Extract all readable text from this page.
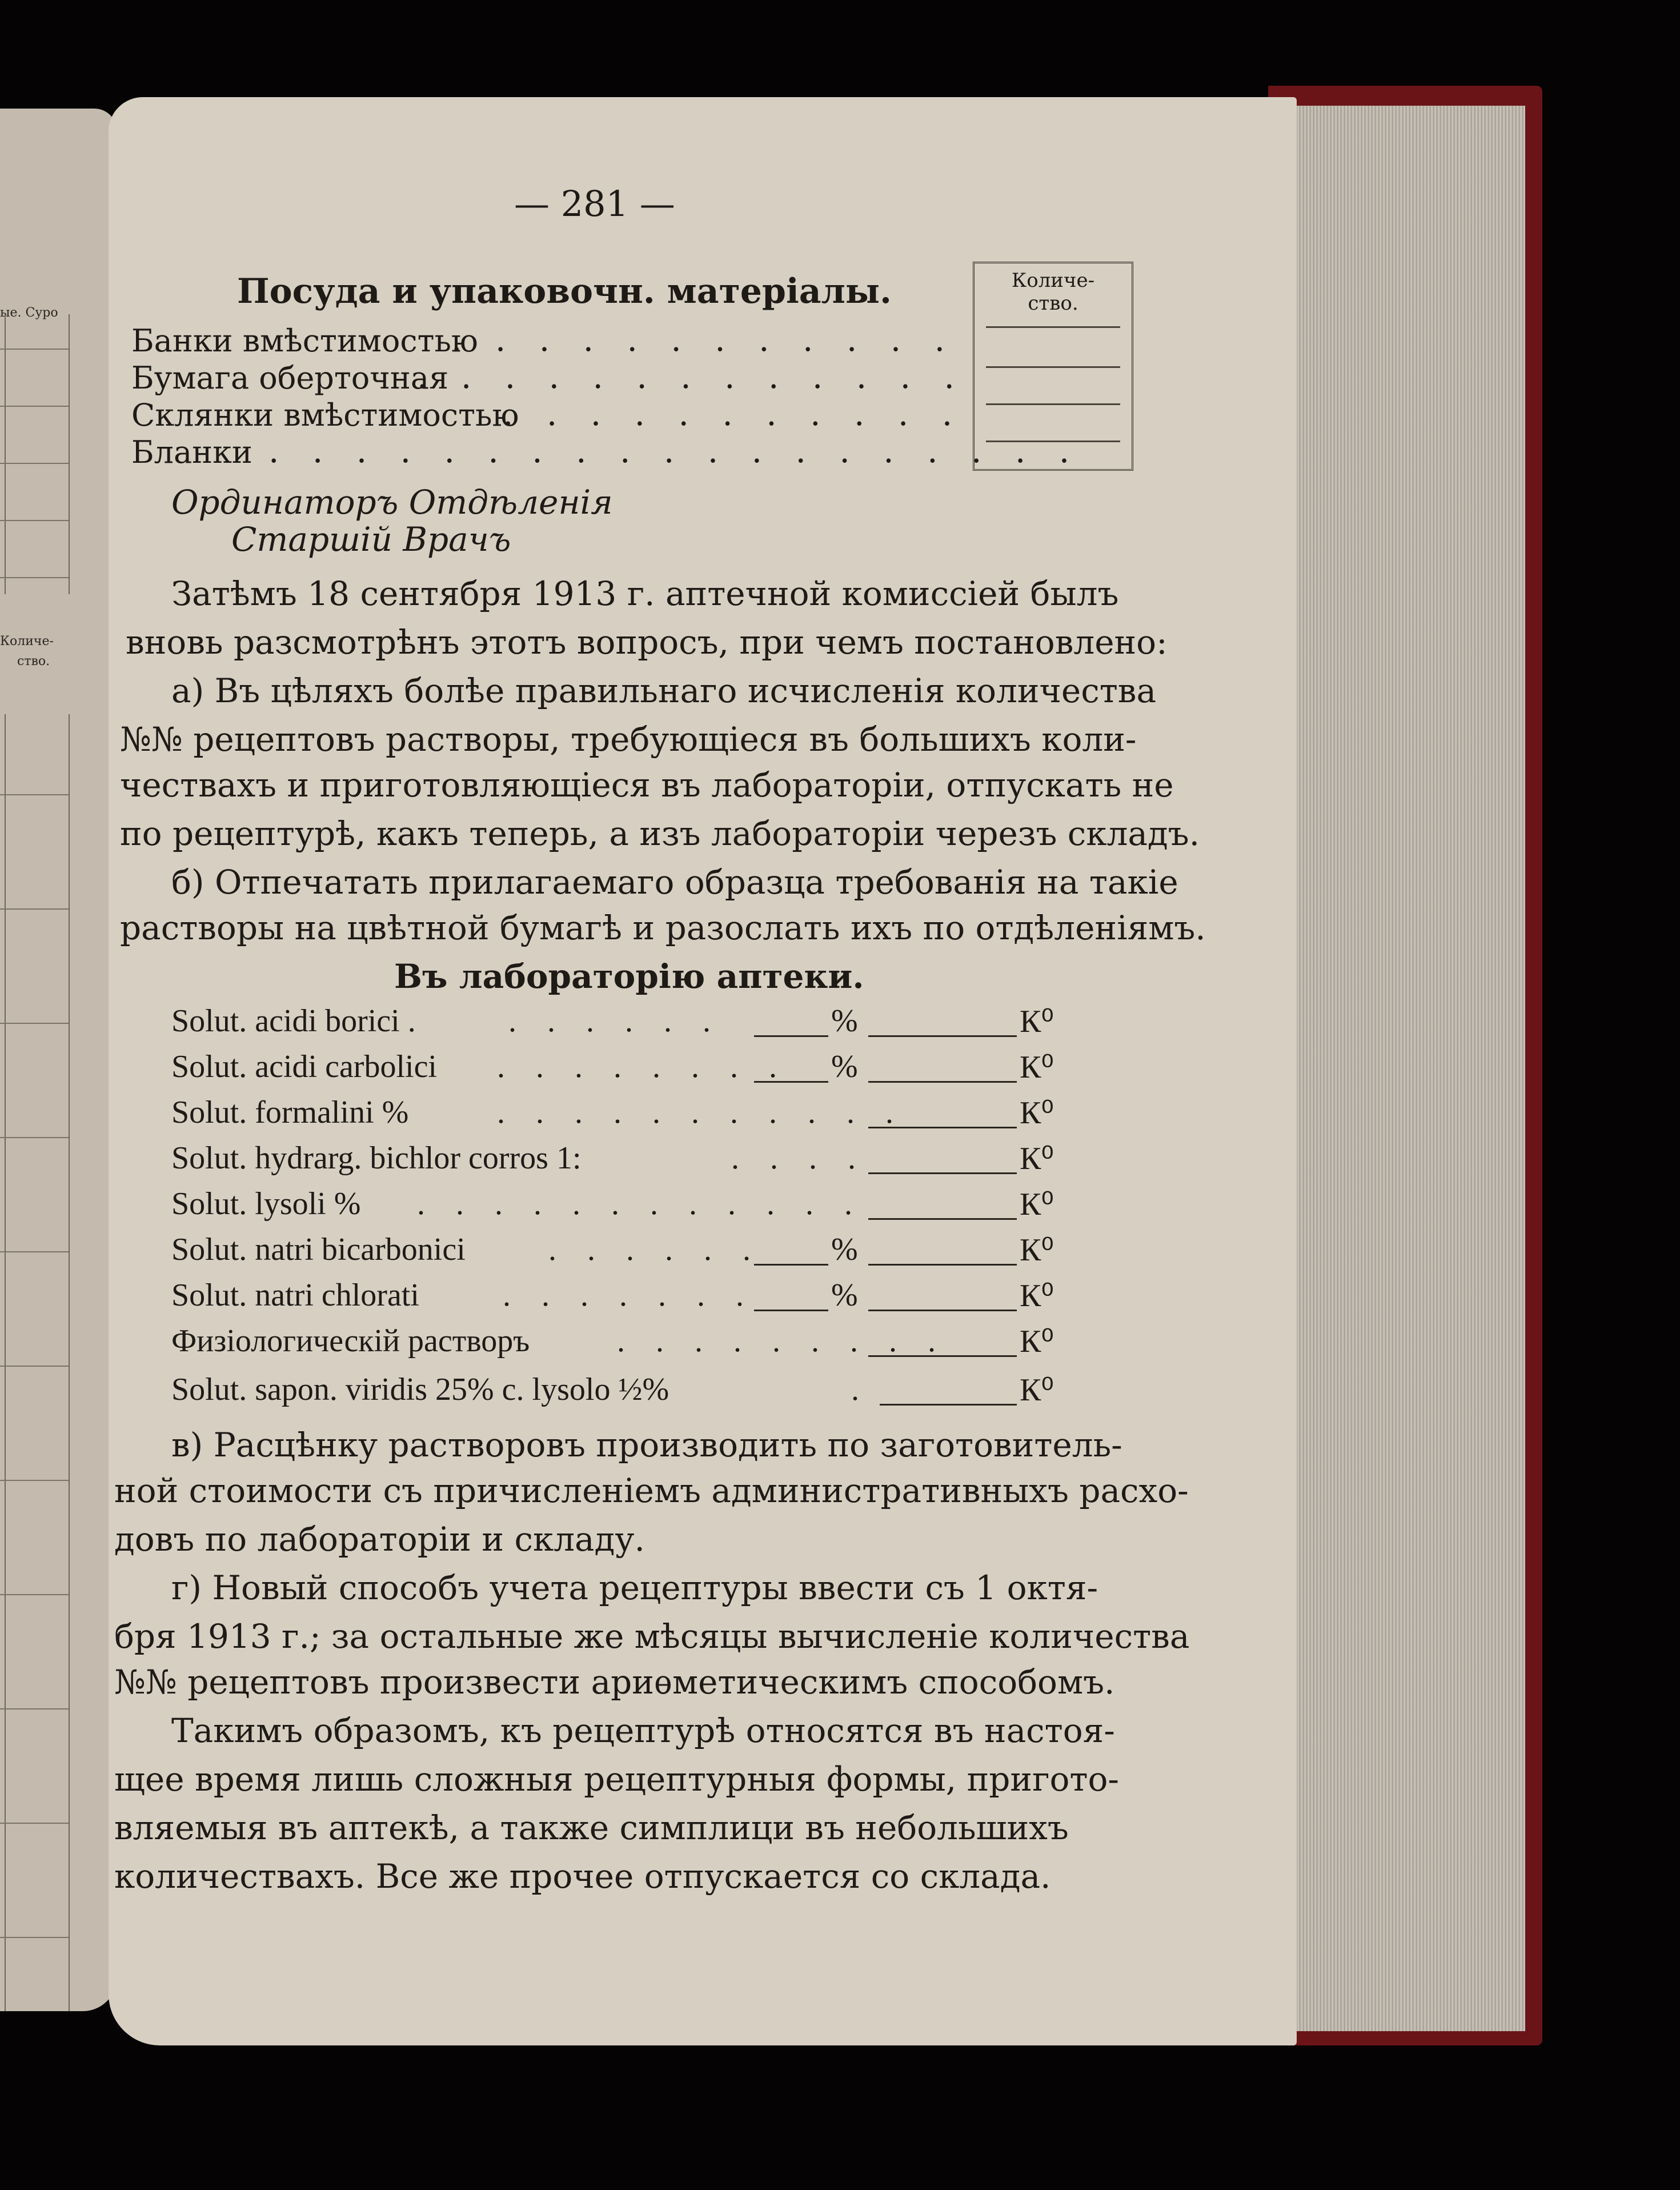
ые. Суро
Количе-
ство.
— 281 —
Посуда и упаковочн. матеріалы.	Количе-
ство.
Банки вмѣстимостью
. . . . . . . . . . . .
Бумага оберточная
. . . . . . . . . . . . .
Склянки вмѣстимостью
. . . . . . . . . . .
Бланки . . . . . . . . . . . . . . . . . . .
Ординаторъ Отдѣленія
Старшій Врачъ
Затѣмъ 18 сентября 1913 г. аптечной комиссіей былъ
вновь разсмотрѣнъ этотъ вопросъ, при чемъ постановлено:
а) Въ цѣляхъ болѣе правильнаго исчисленія количества
№№ рецептовъ растворы, требующіеся въ большихъ коли-
чествахъ и приготовляющіеся въ лабораторіи, отпускать не
по рецептурѣ, какъ теперь, а изъ лабораторіи черезъ складъ.
б) Отпечатать прилагаемаго образца требованія на такіе
растворы на цвѣтной бумагѣ и разослать ихъ по отдѣленіямъ.
Въ лабораторію аптеки.
Solut. acidi borici .	. . . . . .	%	К⁰
Solut. acidi carbolici . . . . . . . . %	К⁰
Solut. formalini %	. . . . . . . . . . .	К⁰
Solut. hydrarg. bichlor corros 1:	. . . .	К⁰
Solut. lysoli % . . . . . . . . . . . .	К⁰
Solut. natri bicarbonici	. . . . . . %	К⁰
Solut. natri chlorati	. . . . . . . %	К⁰
Физіологическій растворъ	. . . . . . . . . К⁰
Solut. sapon. viridis 25% c. lysolo ½%	.	К⁰
в) Расцѣнку растворовъ производить по заготовитель-
ной стоимости съ причисленіемъ административныхъ расхо-
довъ по лабораторіи и складу.
г) Новый способъ учета рецептуры ввести съ 1 октя-
бря 1913 г.; за остальные же мѣсяцы вычисленіе количества
№№ рецептовъ произвести ариѳметическимъ способомъ.
Такимъ образомъ, къ рецептурѣ относятся въ настоя-
щее время лишь сложныя рецептурныя формы, пригото-
вляемыя въ аптекѣ, а также симплици въ небольшихъ
количествахъ. Все же прочее отпускается со склада.
